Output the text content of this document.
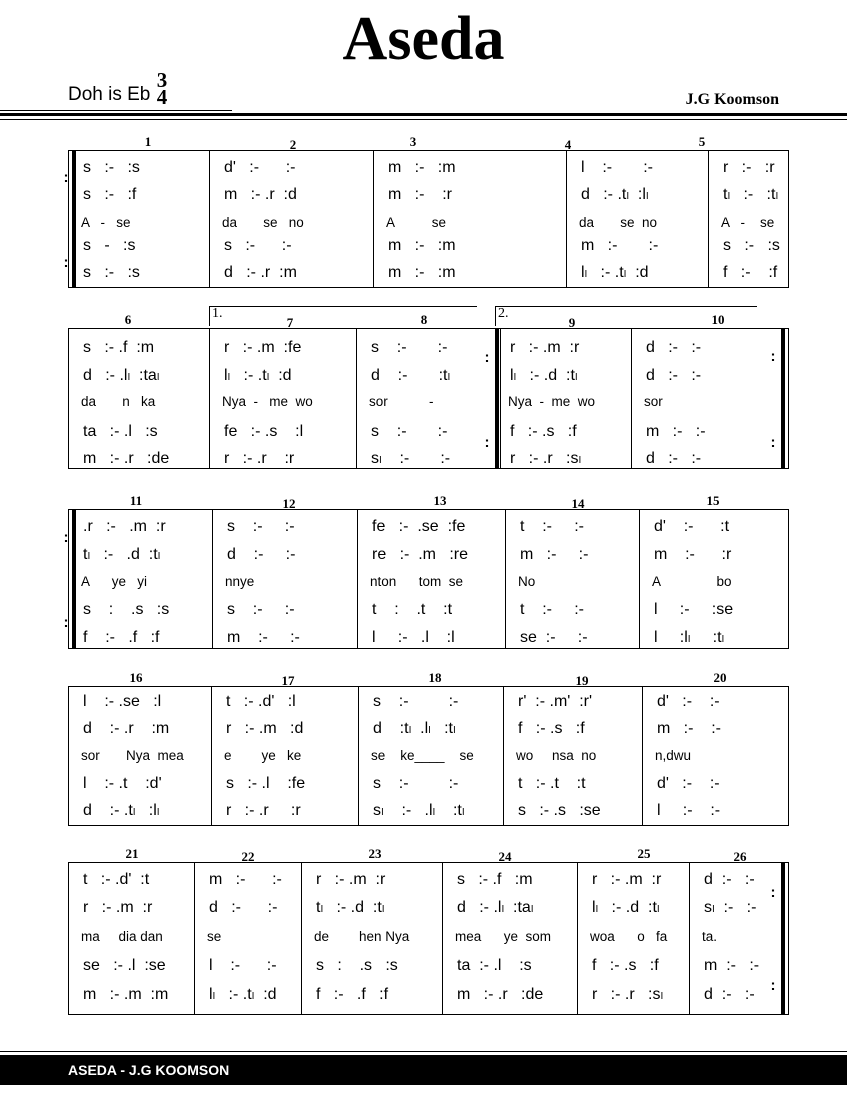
Aseda
Doh is Eb
3
4	J.G Koomson
1	2	3	4	5
s   :-   :s	d'   :-      :-	m   :-   :m	l    :-       :-	r   :-   :r
s   :-   :f	m   :- .r  :d	m   :-    :r	d   :- .tₗ  :lₗ	tₗ   :-   :tₗ
A   -   se	da       se   no	A          se	da       se  no	A   -    se
s   -   :s	s   :-      :-	m   :-   :m	m   :-       :-	s   :-   :s
s   :-   :s	d   :- .r  :m	m   :-   :m	lₗ   :- .tₗ  :d	f   :-    :f
:
:
6	7	8	9	10
1.	2.
s   :- .f  :m	r   :- .m  :fe	s    :-       :-	r   :- .m  :r	d   :-   :-
d   :- .lₗ  :taₗ	lₗ   :- .tₗ  :d	d    :-       :tₗ	lₗ   :- .d  :tₗ	d   :-   :-
da       n   ka	Nya  -   me  wo	sor           -	Nya  -  me  wo	sor
ta   :- .l   :s	fe   :- .s    :l	s    :-       :-	f   :- .s   :f	m   :-   :-
m   :- .r   :de	r   :- .r    :r	sₗ    :-       :-	r   :- .r   :sₗ	d   :-   :-
:
:
:
:
11	12	13	14	15
.r   :-   .m  :r	s    :-     :-	fe   :-  .se  :fe	t    :-     :-	d'    :-      :t
tₗ   :-   .d  :tₗ	d    :-     :-	re   :-  .m   :re	m   :-     :-	m    :-      :r
A      ye   yi	nnye	nton      tom  se	No	A               bo
s    :    .s   :s	s    :-     :-	t    :    .t    :t	t    :-     :-	l     :-     :se
f    :-   .f   :f	m    :-     :-	l     :-   .l    :l	se  :-     :-	l     :lₗ     :tₗ
:
:
16	17	18	19	20
l    :- .se   :l	t   :- .d'   :l	s    :-         :-	r'  :- .m'  :r'	d'   :-    :-
d    :- .r    :m	r   :- .m   :d	d    :tₗ  .lₗ   :tₗ	f   :- .s   :f	m   :-    :-
sor       Nya  mea	e        ye   ke	se    ke____    se	wo     nsa  no	n,dwu
l    :- .t    :d'	s   :- .l    :fe	s    :-         :-	t   :- .t    :t	d'   :-    :-
d    :- .tₗ   :lₗ	r   :- .r     :r	sₗ    :-   .lₗ    :tₗ	s   :- .s   :se	l     :-    :-
21	22	23	24	25	26
t   :- .d'  :t	m   :-      :-	r   :- .m  :r	s   :- .f   :m	r   :- .m  :r	d  :-   :-
r   :- .m  :r	d   :-      :-	tₗ   :- .d  :tₗ	d   :- .lₗ  :taₗ	lₗ   :- .d  :tₗ	sₗ  :-   :-
ma     dia dan	se	de        hen Nya	mea      ye  som	woa      o   fa	ta.
se   :- .l  :se	l    :-      :-	s   :    .s   :s	ta  :- .l    :s	f   :- .s   :f	m  :-   :-
m   :- .m  :m	lₗ   :- .tₗ  :d	f   :-   .f   :f	m   :- .r   :de	r   :- .r   :sₗ	d  :-   :-
:
:
ASEDA - J.G KOOMSON
